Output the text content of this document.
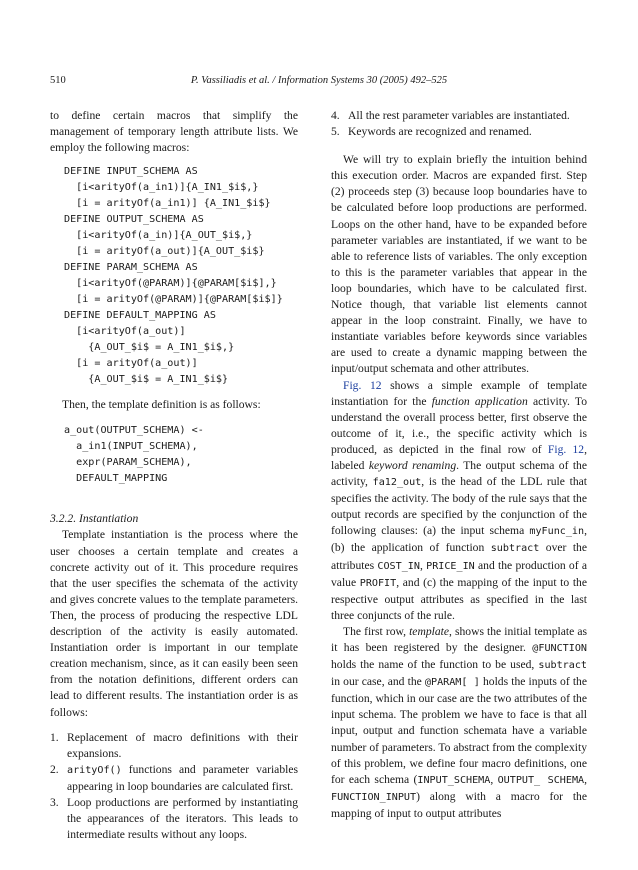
510	P. Vassiliadis et al. / Information Systems 30 (2005) 492–525

to define certain macros that simplify the management of temporary length attribute lists. We employ the following macros:

DEFINE INPUT_SCHEMA AS
[i<arityOf(a_in1)]{A_IN1_$i$,}
[i = arityOf(a_in1)] {A_IN1_$i$}
DEFINE OUTPUT_SCHEMA AS
[i<arityOf(a_in)]{A_OUT_$i$,}
[i = arityOf(a_out)]{A_OUT_$i$}
DEFINE PARAM_SCHEMA AS
[i<arityOf(@PARAM)]{@PARAM[$i$],}
[i = arityOf(@PARAM)]{@PARAM[$i$]}
DEFINE DEFAULT_MAPPING AS
[i<arityOf(a_out)]
{A_OUT_$i$ = A_IN1_$i$,}
[i = arityOf(a_out)]
{A_OUT_$i$ = A_IN1_$i$}

Then, the template definition is as follows:

a_out(OUTPUT_SCHEMA) <-
a_in1(INPUT_SCHEMA),
expr(PARAM_SCHEMA),
DEFAULT_MAPPING

3.2.2. Instantiation

Template instantiation is the process where the user chooses a certain template and creates a concrete activity out of it. This procedure requires that the user specifies the schemata of the activity and gives concrete values to the template parameters. Then, the process of producing the respective LDL description of the activity is easily automated. Instantiation order is important in our template creation mechanism, since, as it can easily been seen from the notation definitions, different orders can lead to different results. The instantiation order is as follows:

1. Replacement of macro definitions with their expansions.
2. arityOf() functions and parameter variables appearing in loop boundaries are calculated first.
3. Loop productions are performed by instantiating the appearances of the iterators. This leads to intermediate results without any loops.
4. All the rest parameter variables are instantiated.
5. Keywords are recognized and renamed.

We will try to explain briefly the intuition behind this execution order. Macros are expanded first. Step (2) proceeds step (3) because loop boundaries have to be calculated before loop productions are performed. Loops on the other hand, have to be expanded before parameter variables are instantiated, if we want to be able to reference lists of variables. The only exception to this is the parameter variables that appear in the loop boundaries, which have to be calculated first. Notice though, that variable list elements cannot appear in the loop constraint. Finally, we have to instantiate variables before keywords since variables are used to create a dynamic mapping between the input/output schemata and other attributes.

Fig. 12 shows a simple example of template instantiation for the function application activity. To understand the overall process better, first observe the outcome of it, i.e., the specific activity which is produced, as depicted in the final row of Fig. 12, labeled keyword renaming. The output schema of the activity, fa12_out, is the head of the LDL rule that specifies the activity. The body of the rule says that the output records are specified by the conjunction of the following clauses: (a) the input schema myFunc_in, (b) the application of function subtract over the attributes COST_IN, PRICE_IN and the production of a value PROFIT, and (c) the mapping of the input to the respective output attributes as specified in the last three conjuncts of the rule.

The first row, template, shows the initial template as it has been registered by the designer. @FUNCTION holds the name of the function to be used, subtract in our case, and the @PARAM[ ] holds the inputs of the function, which in our case are the two attributes of the input schema. The problem we have to face is that all input, output and function schemata have a variable number of parameters. To abstract from the complexity of this problem, we define four macro definitions, one for each schema (INPUT_SCHEMA, OUTPUT_ SCHEMA, FUNCTION_INPUT) along with a macro for the mapping of input to output attributes
